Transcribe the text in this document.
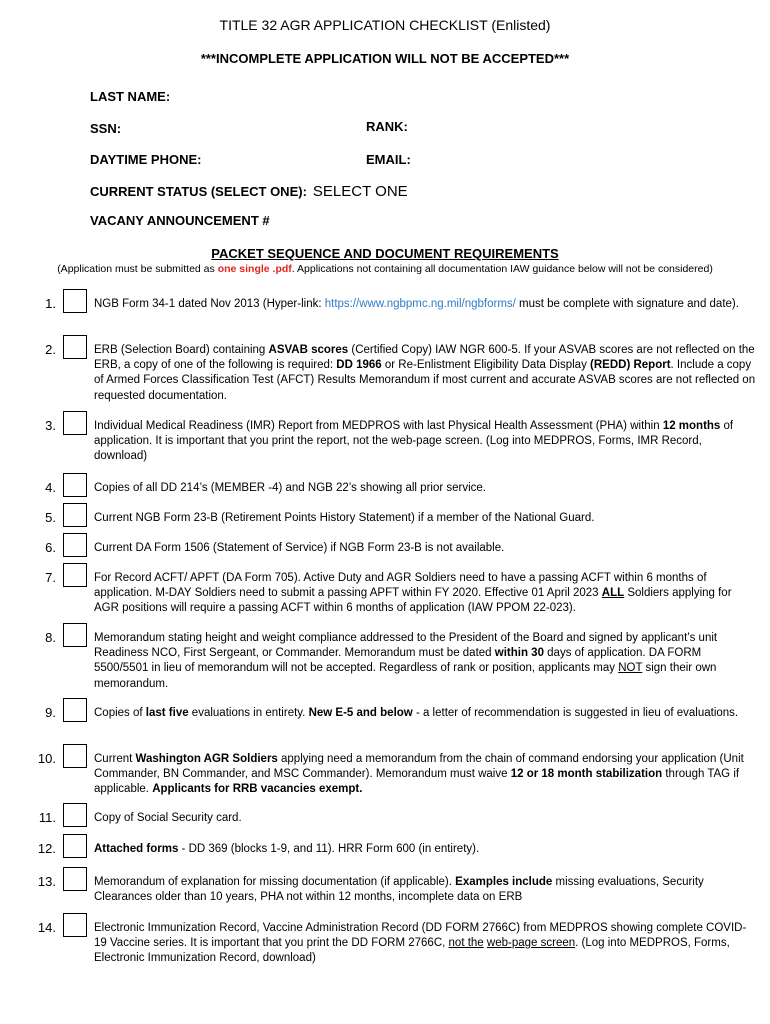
TITLE 32 AGR APPLICATION CHECKLIST (Enlisted)
***INCOMPLETE APPLICATION WILL NOT BE ACCEPTED***
LAST NAME:
SSN:	RANK:
DAYTIME PHONE:	EMAIL:
CURRENT STATUS (SELECT ONE): SELECT ONE
VACANY ANNOUNCEMENT #
PACKET SEQUENCE AND DOCUMENT REQUIREMENTS
(Application must be submitted as one single .pdf. Applications not containing all documentation IAW guidance below will not be considered)
1.	NGB Form 34-1 dated Nov 2013 (Hyper-link: https://www.ngbpmc.ng.mil/ngbforms/ must be complete with signature and date).
2.	ERB (Selection Board) containing ASVAB scores (Certified Copy) IAW NGR 600-5. If your ASVAB scores are not reflected on the ERB, a copy of one of the following is required: DD 1966 or Re-Enlistment Eligibility Data Display (REDD) Report. Include a copy of Armed Forces Classification Test (AFCT) Results Memorandum if most current and accurate ASVAB scores are not reflected on requested documentation.
3.	Individual Medical Readiness (IMR) Report from MEDPROS with last Physical Health Assessment (PHA) within 12 months of application. It is important that you print the report, not the web-page screen. (Log into MEDPROS, Forms, IMR Record, download)
4.	Copies of all DD 214’s (MEMBER -4) and NGB 22’s showing all prior service.
5.	Current NGB Form 23-B (Retirement Points History Statement) if a member of the National Guard.
6.	Current DA Form 1506 (Statement of Service) if NGB Form 23-B is not available.
7.	For Record ACFT/ APFT (DA Form 705). Active Duty and AGR Soldiers need to have a passing ACFT within 6 months of application. M-DAY Soldiers need to submit a passing APFT within FY 2020. Effective 01 April 2023 ALL Soldiers applying for AGR positions will require a passing ACFT within 6 months of application (IAW PPOM 22-023).
8.	Memorandum stating height and weight compliance addressed to the President of the Board and signed by applicant’s unit Readiness NCO, First Sergeant, or Commander. Memorandum must be dated within 30 days of application. DA FORM 5500/5501 in lieu of memorandum will not be accepted. Regardless of rank or position, applicants may NOT sign their own memorandum.
9.	Copies of last five evaluations in entirety. New E-5 and below - a letter of recommendation is suggested in lieu of evaluations.
10.	Current Washington AGR Soldiers applying need a memorandum from the chain of command endorsing your application (Unit Commander, BN Commander, and MSC Commander). Memorandum must waive 12 or 18 month stabilization through TAG if applicable. Applicants for RRB vacancies exempt.
11.	Copy of Social Security card.
12.	Attached forms - DD 369 (blocks 1-9, and 11). HRR Form 600 (in entirety).
13.	Memorandum of explanation for missing documentation (if applicable). Examples include missing evaluations, Security Clearances older than 10 years, PHA not within 12 months, incomplete data on ERB
14.	Electronic Immunization Record, Vaccine Administration Record (DD FORM 2766C) from MEDPROS showing complete COVID-19 Vaccine series. It is important that you print the DD FORM 2766C, not the web-page screen. (Log into MEDPROS, Forms, Electronic Immunization Record, download)
